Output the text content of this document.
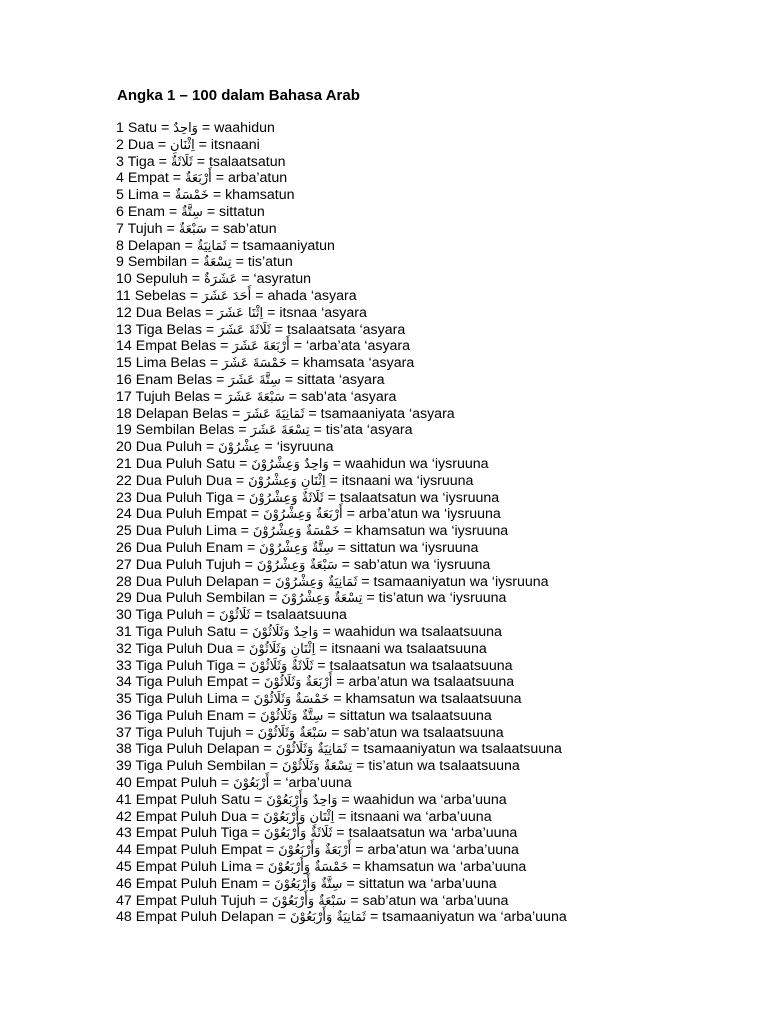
Angka 1 – 100 dalam Bahasa Arab
1 Satu = وَاحِدٌ = waahidun
2 Dua = اِثْنَانِ = itsnaani
3 Tiga = ثَلَاثَةٌ = tsalaatsatun
4 Empat = أَرْبَعَةٌ = arba’atun
5 Lima = خَمْسَةٌ = khamsatun
6 Enam = سِتَّةٌ = sittatun
7 Tujuh = سَبْعَةٌ = sab’atun
8 Delapan = ثَمَانِيَةٌ = tsamaaniyatun
9 Sembilan = تِسْعَةٌ = tis’atun
10 Sepuluh = عَشَرَةٌ = ‘asyratun
11 Sebelas = أَحَدَ عَشَرَ = ahada ‘asyara
12 Dua Belas = اِثْنَا عَشَرَ = itsnaa ‘asyara
13 Tiga Belas = ثَلَاثَةَ عَشَرَ = tsalaatsata ‘asyara
14 Empat Belas = أَرْبَعَةَ عَشَرَ = ‘arba’ata ‘asyara
15 Lima Belas = خَمْسَةَ عَشَرَ = khamsata ‘asyara
16 Enam Belas = سِتَّةَ عَشَرَ = sittata ‘asyara
17 Tujuh Belas = سَبْعَةَ عَشَرَ = sab’ata ‘asyara
18 Delapan Belas = ثَمَانِيَةَ عَشَرَ = tsamaaniyata ‘asyara
19 Sembilan Belas = تِسْعَةَ عَشَرَ = tis’ata ‘asyara
20 Dua Puluh = عِشْرُوْنَ = ‘isyruuna
21 Dua Puluh Satu = وَاحِدٌ وَعِشْرُوْنَ = waahidun wa ‘iysruuna
22 Dua Puluh Dua = اِثْنَانِ وَعِشْرُوْنَ = itsnaani wa ‘iysruuna
23 Dua Puluh Tiga = ثَلَاثَةٌ وَعِشْرُوْنَ = tsalaatsatun wa ‘iysruuna
24 Dua Puluh Empat = أَرْبَعَةٌ وَعِشْرُوْنَ = arba’atun wa ‘iysruuna
25 Dua Puluh Lima = خَمْسَةٌ وَعِشْرُوْنَ = khamsatun wa ‘iysruuna
26 Dua Puluh Enam = سِتَّةٌ وَعِشْرُوْنَ = sittatun wa ‘iysruuna
27 Dua Puluh Tujuh = سَبْعَةٌ وَعِشْرُوْنَ = sab’atun wa ‘iysruuna
28 Dua Puluh Delapan = ثَمَانِيَةٌ وَعِشْرُوْنَ = tsamaaniyatun wa ‘iysruuna
29 Dua Puluh Sembilan = تِسْعَةٌ وَعِشْرُوْنَ = tis’atun wa ‘iysruuna
30 Tiga Puluh = ثَلَاثُوْنَ = tsalaatsuuna
31 Tiga Puluh Satu = وَاحِدٌ وَثَلَاثُوْنَ = waahidun wa tsalaatsuuna
32 Tiga Puluh Dua = اِثْنَانِ وَثَلَاثُوْنَ = itsnaani wa tsalaatsuuna
33 Tiga Puluh Tiga = ثَلَاثَةٌ وَثَلَاثُوْنَ = tsalaatsatun wa tsalaatsuuna
34 Tiga Puluh Empat = أَرْبَعَةٌ وَثَلَاثُوْنَ = arba’atun wa tsalaatsuuna
35 Tiga Puluh Lima = خَمْسَةٌ وَثَلَاثُوْنَ = khamsatun wa tsalaatsuuna
36 Tiga Puluh Enam = سِتَّةٌ وَثَلَاثُوْنَ = sittatun wa tsalaatsuuna
37 Tiga Puluh Tujuh = سَبْعَةٌ وَثَلَاثُوْنَ = sab’atun wa tsalaatsuuna
38 Tiga Puluh Delapan = ثَمَانِيَةٌ وَثَلَاثُوْنَ = tsamaaniyatun wa tsalaatsuuna
39 Tiga Puluh Sembilan = تِسْعَةٌ وَثَلَاثُوْنَ = tis’atun wa tsalaatsuuna
40 Empat Puluh = أَرْبَعُوْنَ = ‘arba’uuna
41 Empat Puluh Satu = وَاحِدٌ وَأَرْبَعُوْنَ = waahidun wa ‘arba’uuna
42 Empat Puluh Dua = اِثْنَانِ وَأَرْبَعُوْنَ = itsnaani wa ‘arba’uuna
43 Empat Puluh Tiga = ثَلَاثَةٌ وَأَرْبَعُوْنَ = tsalaatsatun wa ‘arba’uuna
44 Empat Puluh Empat = أَرْبَعَةٌ وَأَرْبَعُوْنَ = arba’atun wa ‘arba’uuna
45 Empat Puluh Lima = خَمْسَةٌ وَأَرْبَعُوْنَ = khamsatun wa ‘arba’uuna
46 Empat Puluh Enam = سِتَّةٌ وَأَرْبَعُوْنَ = sittatun wa ‘arba’uuna
47 Empat Puluh Tujuh = سَبْعَةٌ وَأَرْبَعُوْنَ = sab’atun wa ‘arba’uuna
48 Empat Puluh Delapan = ثَمَانِيَةٌ وَأَرْبَعُوْنَ = tsamaaniyatun wa ‘arba’uuna
